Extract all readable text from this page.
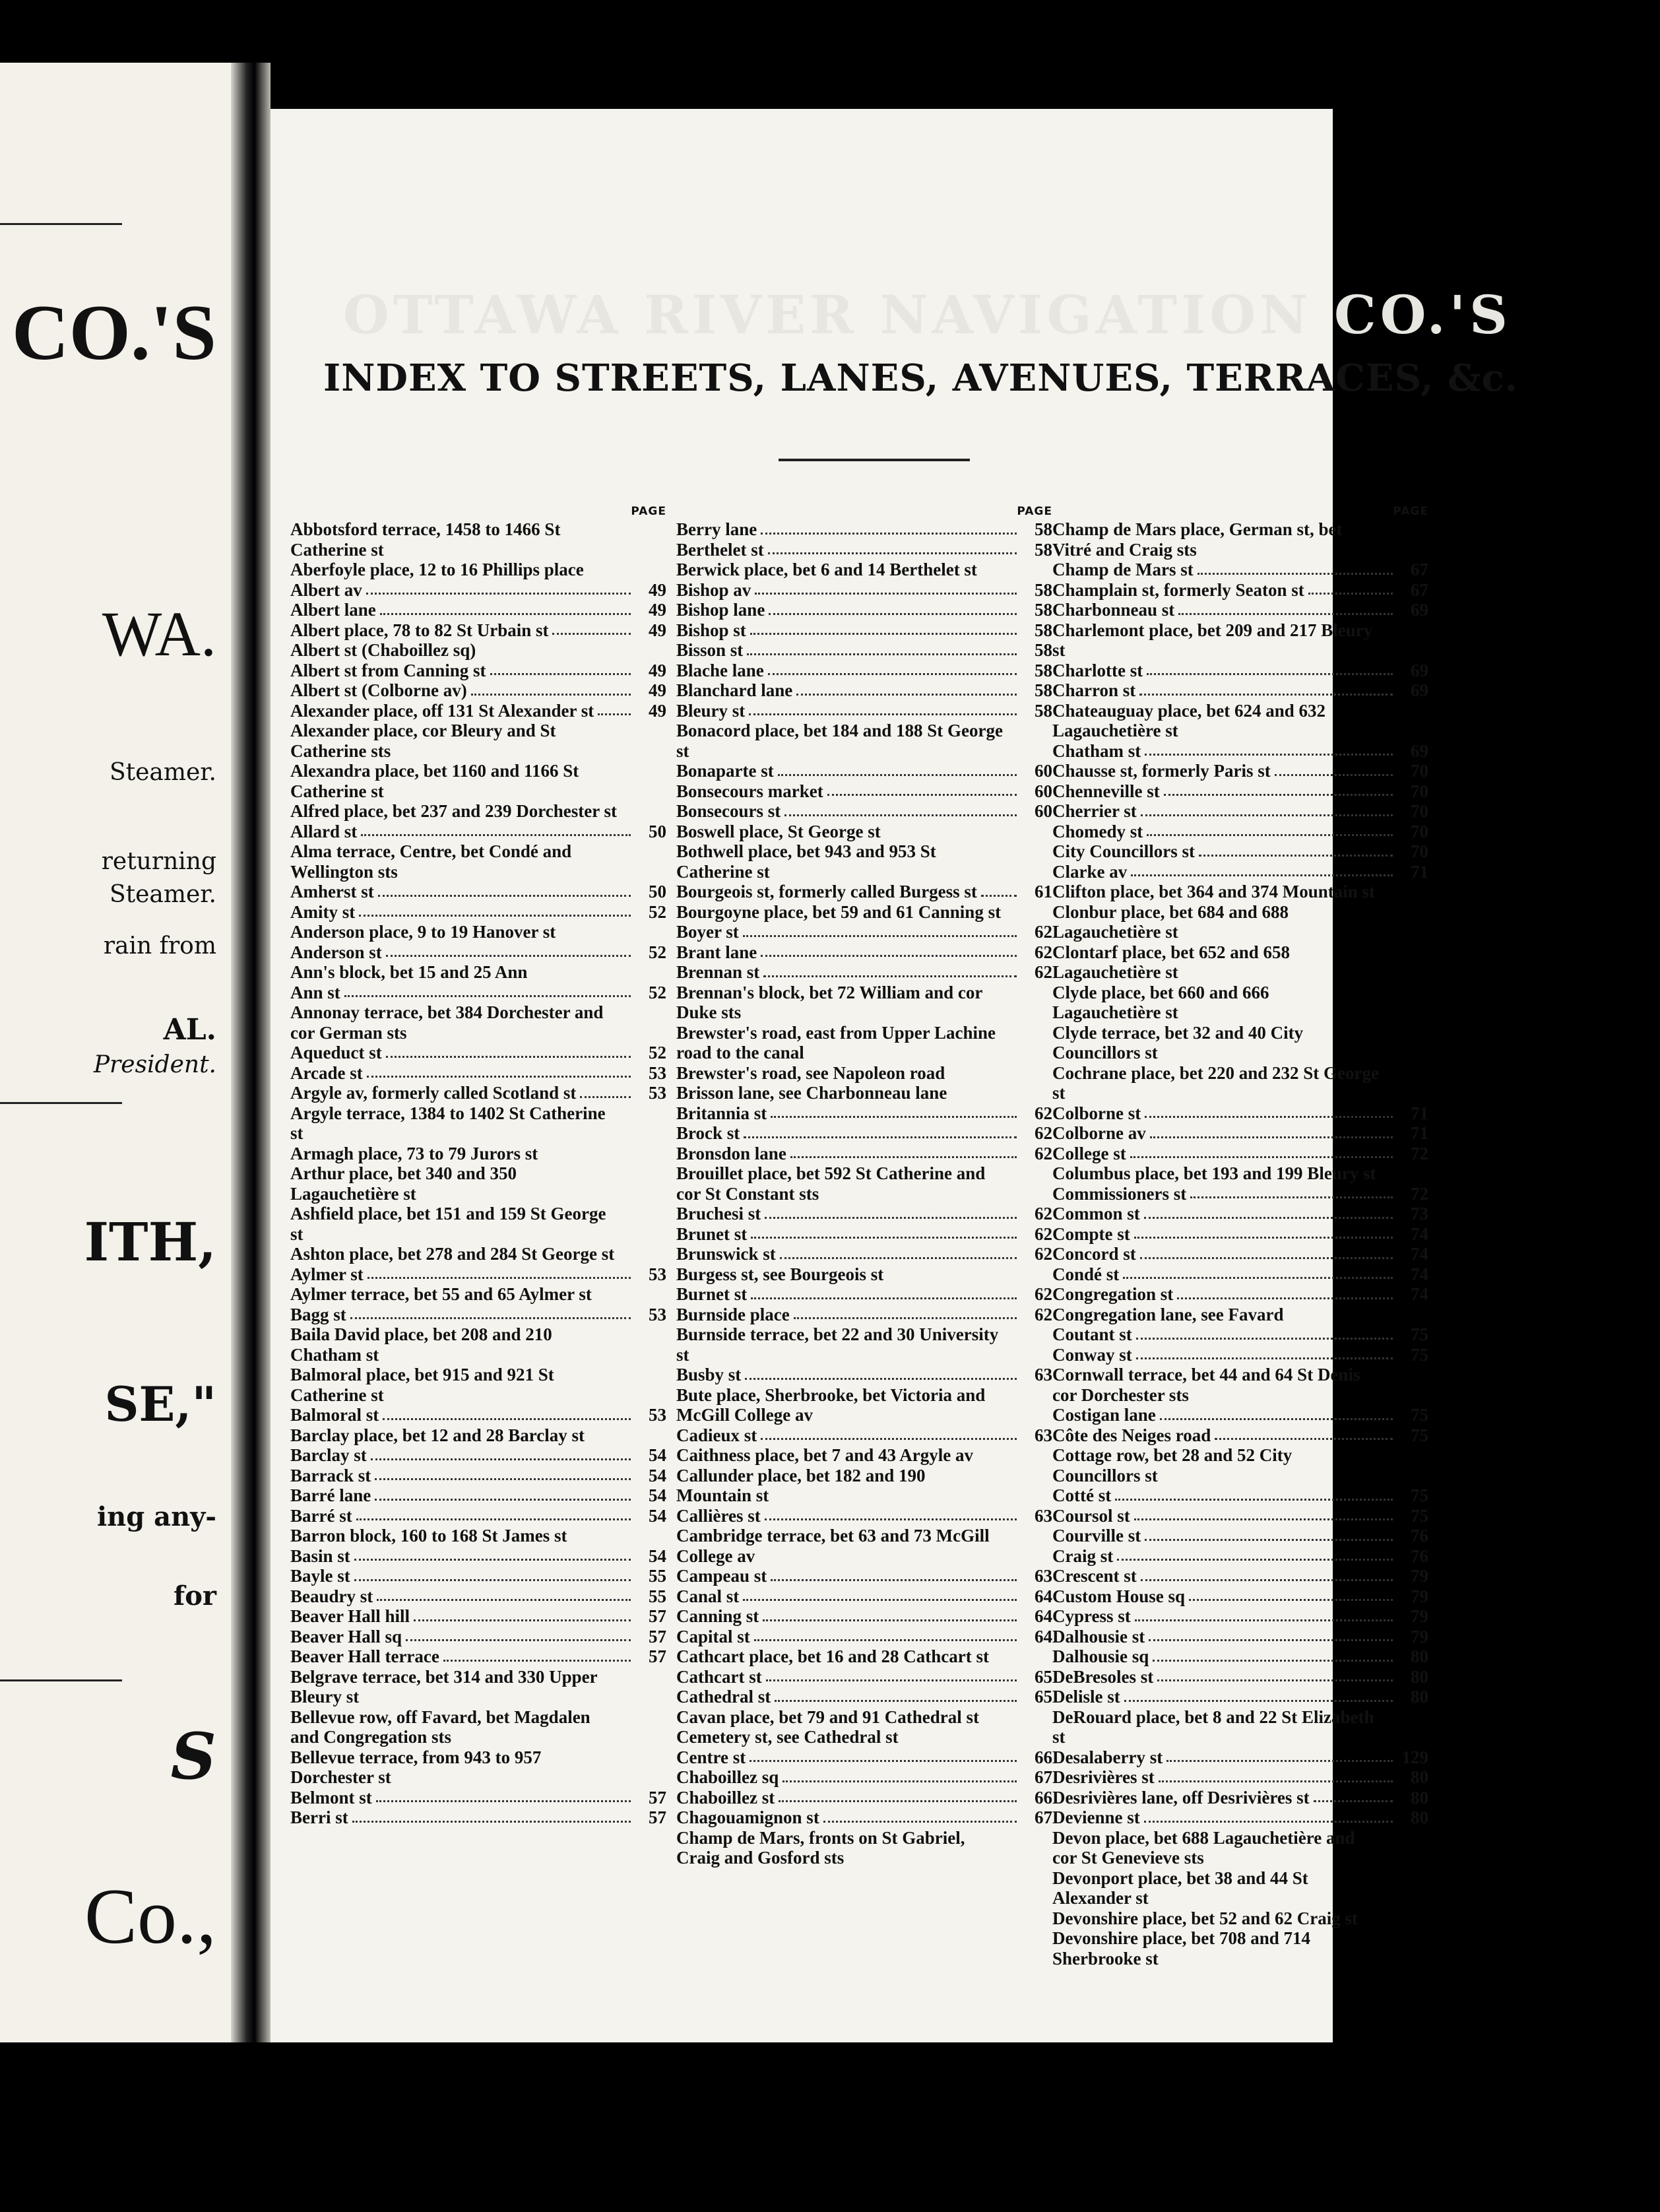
CO.'S
WA.
Steamer.
returning
Steamer.
rain from
AL.
President.
ITH,
SE,"
ing any-
for
S
Co.,
OTTAWA RIVER NAVIGATION CO.'S
INDEX TO STREETS, LANES, AVENUES, TERRACES, &c.
PAGE
Abbotsford terrace, 1458 to 1466 St Catherine st
Aberfoyle place, 12 to 16 Phillips place
Albert av	49
Albert lane	49
Albert place, 78 to 82 St Urbain st	49
Albert st (Chaboillez sq)
Albert st from Canning st	49
Albert st (Colborne av)	49
Alexander place, off 131 St Alexander st	49
Alexander place, cor Bleury and St Catherine sts
Alexandra place, bet 1160 and 1166 St Catherine st
Alfred place, bet 237 and 239 Dorchester st
Allard st	50
Alma terrace, Centre, bet Condé and Wellington sts
Amherst st	50
Amity st	52
Anderson place, 9 to 19 Hanover st
Anderson st	52
Ann's block, bet 15 and 25 Ann
Ann st	52
Annonay terrace, bet 384 Dorchester and cor German sts
Aqueduct st	52
Arcade st	53
Argyle av, formerly called Scotland st	53
Argyle terrace, 1384 to 1402 St Catherine st
Armagh place, 73 to 79 Jurors st
Arthur place, bet 340 and 350 Lagauchetière st
Ashfield place, bet 151 and 159 St George st
Ashton place, bet 278 and 284 St George st
Aylmer st	53
Aylmer terrace, bet 55 and 65 Aylmer st
Bagg st	53
Baila David place, bet 208 and 210 Chatham st
Balmoral place, bet 915 and 921 St Catherine st
Balmoral st	53
Barclay place, bet 12 and 28 Barclay st
Barclay st	54
Barrack st	54
Barré lane	54
Barré st	54
Barron block, 160 to 168 St James st
Basin st	54
Bayle st	55
Beaudry st	55
Beaver Hall hill	57
Beaver Hall sq	57
Beaver Hall terrace	57
Belgrave terrace, bet 314 and 330 Upper Bleury st
Bellevue row, off Favard, bet Magdalen and Congregation sts
Bellevue terrace, from 943 to 957 Dorchester st
Belmont st	57
Berri st	57
PAGE
Berry lane	58
Berthelet st	58
Berwick place, bet 6 and 14 Berthelet st
Bishop av	58
Bishop lane	58
Bishop st	58
Bisson st	58
Blache lane	58
Blanchard lane	58
Bleury st	58
Bonacord place, bet 184 and 188 St George st
Bonaparte st	60
Bonsecours market	60
Bonsecours st	60
Boswell place, St George st
Bothwell place, bet 943 and 953 St Catherine st
Bourgeois st, formerly called Burgess st	61
Bourgoyne place, bet 59 and 61 Canning st
Boyer st	62
Brant lane	62
Brennan st	62
Brennan's block, bet 72 William and cor Duke sts
Brewster's road, east from Upper Lachine road to the canal
Brewster's road, see Napoleon road
Brisson lane, see Charbonneau lane
Britannia st	62
Brock st	62
Bronsdon lane	62
Brouillet place, bet 592 St Catherine and cor St Constant sts
Bruchesi st	62
Brunet st	62
Brunswick st	62
Burgess st, see Bourgeois st
Burnet st	62
Burnside place	62
Burnside terrace, bet 22 and 30 University st
Busby st	63
Bute place, Sherbrooke, bet Victoria and McGill College av
Cadieux st	63
Caithness place, bet 7 and 43 Argyle av
Callunder place, bet 182 and 190 Mountain st
Callières st	63
Cambridge terrace, bet 63 and 73 McGill College av
Campeau st	63
Canal st	64
Canning st	64
Capital st	64
Cathcart place, bet 16 and 28 Cathcart st
Cathcart st	65
Cathedral st	65
Cavan place, bet 79 and 91 Cathedral st
Cemetery st, see Cathedral st
Centre st	66
Chaboillez sq	67
Chaboillez st	66
Chagouamignon st	67
Champ de Mars, fronts on St Gabriel, Craig and Gosford sts
PAGE
Champ de Mars place, German st, bet Vitré and Craig sts
Champ de Mars st	67
Champlain st, formerly Seaton st	67
Charbonneau st	69
Charlemont place, bet 209 and 217 Bleury st
Charlotte st	69
Charron st	69
Chateauguay place, bet 624 and 632 Lagauchetière st
Chatham st	69
Chausse st, formerly Paris st	70
Chenneville st	70
Cherrier st	70
Chomedy st	70
City Councillors st	70
Clarke av	71
Clifton place, bet 364 and 374 Mountain st
Clonbur place, bet 684 and 688 Lagauchetière st
Clontarf place, bet 652 and 658 Lagauchetière st
Clyde place, bet 660 and 666 Lagauchetière st
Clyde terrace, bet 32 and 40 City Councillors st
Cochrane place, bet 220 and 232 St George st
Colborne st	71
Colborne av	71
College st	72
Columbus place, bet 193 and 199 Bleury st
Commissioners st	72
Common st	73
Compte st	74
Concord st	74
Condé st	74
Congregation st	74
Congregation lane, see Favard
Coutant st	75
Conway st	75
Cornwall terrace, bet 44 and 64 St Denis cor Dorchester sts
Costigan lane	75
Côte des Neiges road	75
Cottage row, bet 28 and 52 City Councillors st
Cotté st	75
Coursol st	75
Courville st	76
Craig st	76
Crescent st	79
Custom House sq	79
Cypress st	79
Dalhousie st	79
Dalhousie sq	80
DeBresoles st	80
Delisle st	80
DeRouard place, bet 8 and 22 St Elizabeth st
Desalaberry st	129
Desrivières st	80
Desrivières lane, off Desrivières st	80
Devienne st	80
Devon place, bet 688 Lagauchetière and cor St Genevieve sts
Devonport place, bet 38 and 44 St Alexander st
Devonshire place, bet 52 and 62 Craig st
Devonshire place, bet 708 and 714 Sherbrooke st
